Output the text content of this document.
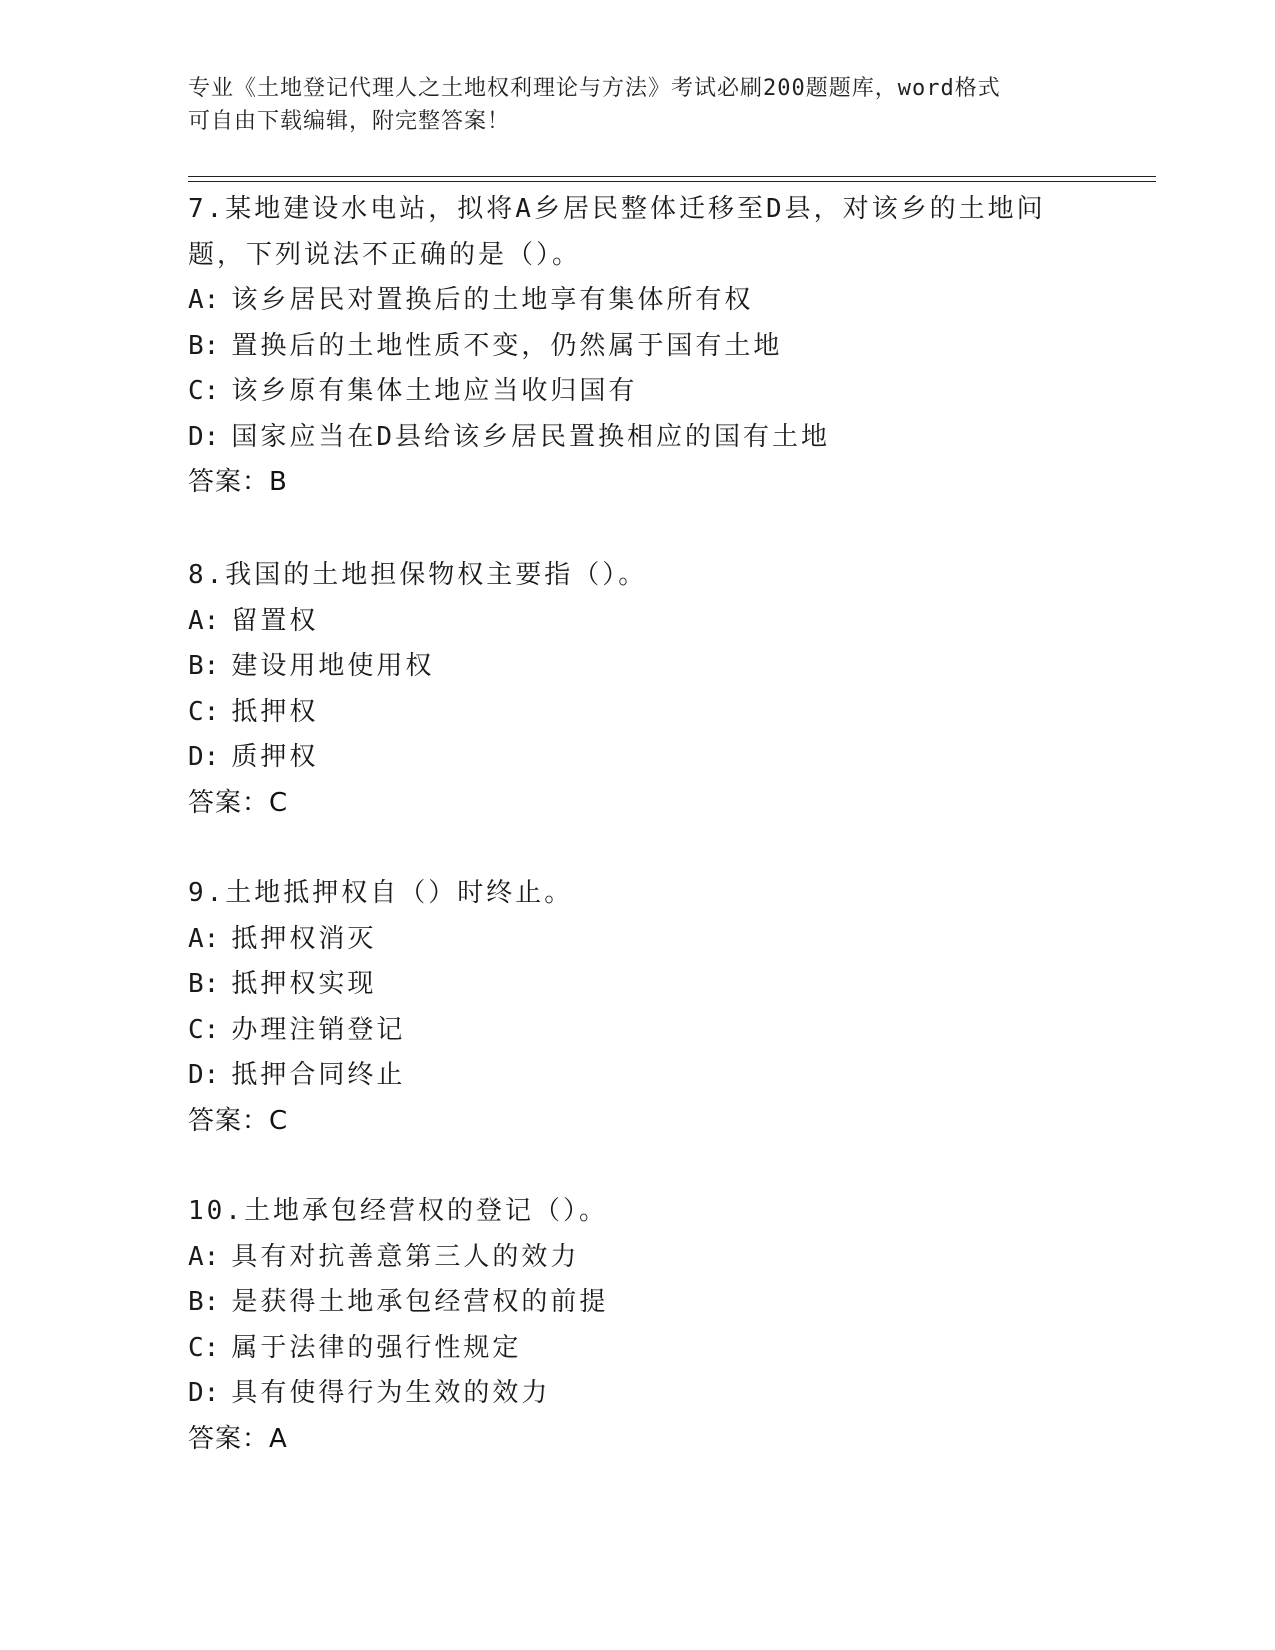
专业《土地登记代理人之土地权利理论与方法》考试必刷200题题库，word格式
可自由下载编辑，附完整答案！
7.某地建设水电站，拟将A乡居民整体迁移至D县，对该乡的土地问
题，下列说法不正确的是（）。
A: 该乡居民对置换后的土地享有集体所有权
B: 置换后的土地性质不变，仍然属于国有土地
C: 该乡原有集体土地应当收归国有
D: 国家应当在D县给该乡居民置换相应的国有土地
答案：B
8.我国的土地担保物权主要指（）。
A: 留置权
B: 建设用地使用权
C: 抵押权
D: 质押权
答案：C
9.土地抵押权自（）时终止。
A: 抵押权消灭
B: 抵押权实现
C: 办理注销登记
D: 抵押合同终止
答案：C
10.土地承包经营权的登记（）。
A: 具有对抗善意第三人的效力
B: 是获得土地承包经营权的前提
C: 属于法律的强行性规定
D: 具有使得行为生效的效力
答案：A
